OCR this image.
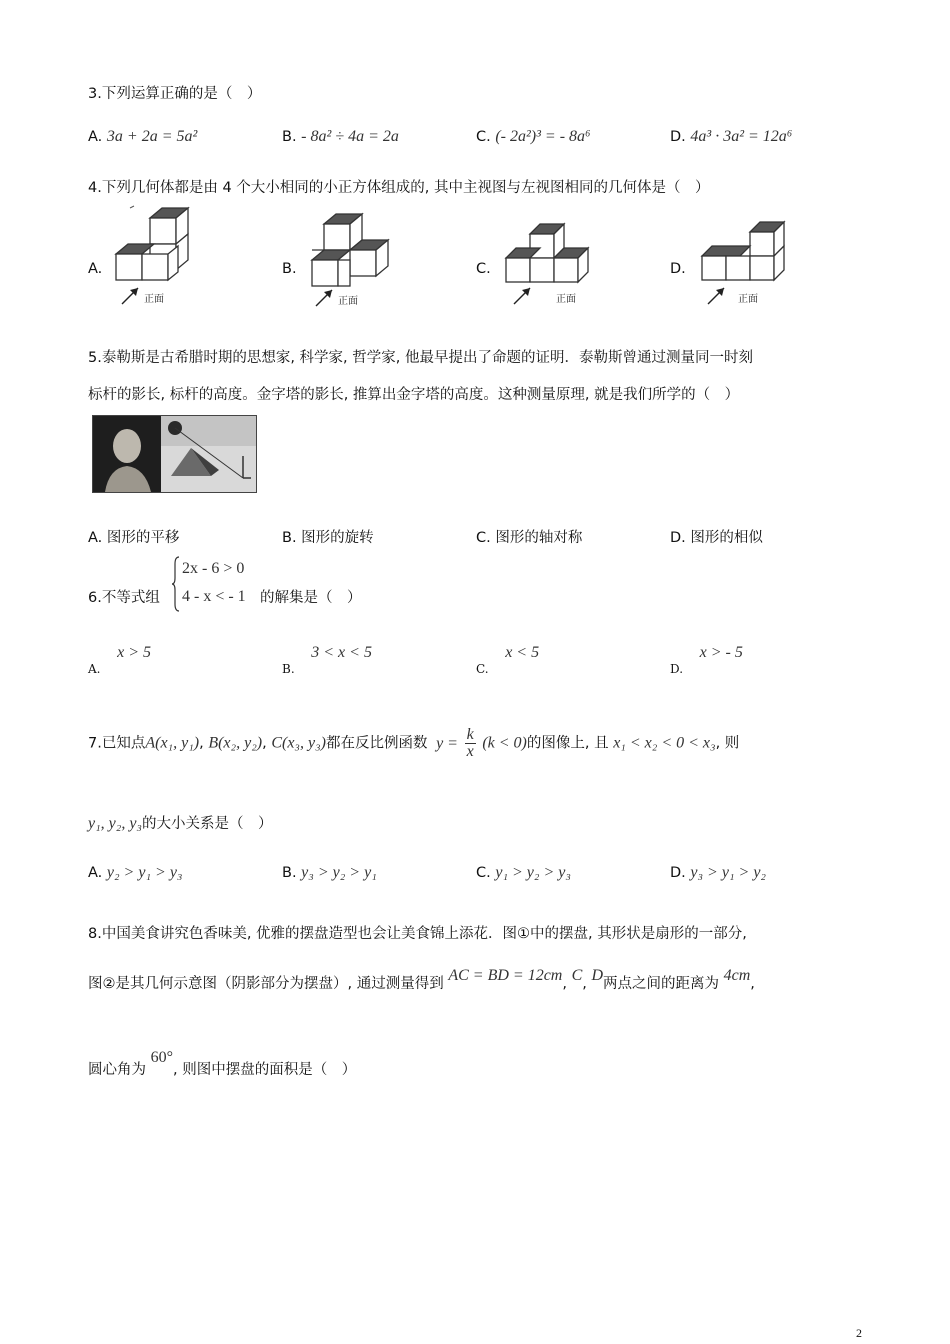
3.下列运算正确的是（　）
A. 3a + 2a = 5a²	B. - 8a² ÷ 4a = 2a	C. (- 2a²)³ = - 8a⁶	D. 4a³ · 3a² = 12a⁶
4.下列几何体都是由 4 个大小相同的小正方体组成的, 其中主视图与左视图相同的几何体是（　）
A.	B.	C.	D.
正面	正面	正面	正面
5.泰勒斯是古希腊时期的思想家, 科学家, 哲学家, 他最早提出了命题的证明．泰勒斯曾通过测量同一时刻
标杆的影长, 标杆的高度。金字塔的影长, 推算出金字塔的高度。这种测量原理, 就是我们所学的（　）
A. 图形的平移	B. 图形的旋转	C. 图形的轴对称	D. 图形的相似
6.不等式组
2x - 6 > 0
4 - x < - 1 的解集是（　）
$_{A.}$ x > 5
$_{B.}$ 3 < x < 5
$_{C.}$ x < 5
$_{D.}$ x > - 5
7.已知点A(x₁, y₁), B(x₂, y₂), C(x₃, y₃)都在反比例函数 $y = \frac{k}{x} (k < 0)$的图像上, 且 x₁ < x₂ < 0 < x₃, 则
y₁, y₂, y₃的大小关系是（　）
A. y₂ > y₁ > y₃	B. y₃ > y₂ > y₁	C. y₁ > y₂ > y₃	D. y₃ > y₁ > y₂
8.中国美食讲究色香味美, 优雅的摆盘造型也会让美食锦上添花．图①中的摆盘, 其形状是扇形的一部分,
图②是其几何示意图（阴影部分为摆盘）, 通过测量得到 AC = BD = 12cm, C, D两点之间的距离为 4cm,
圆心角为 60°, 则图中摆盘的面积是（　）
2
